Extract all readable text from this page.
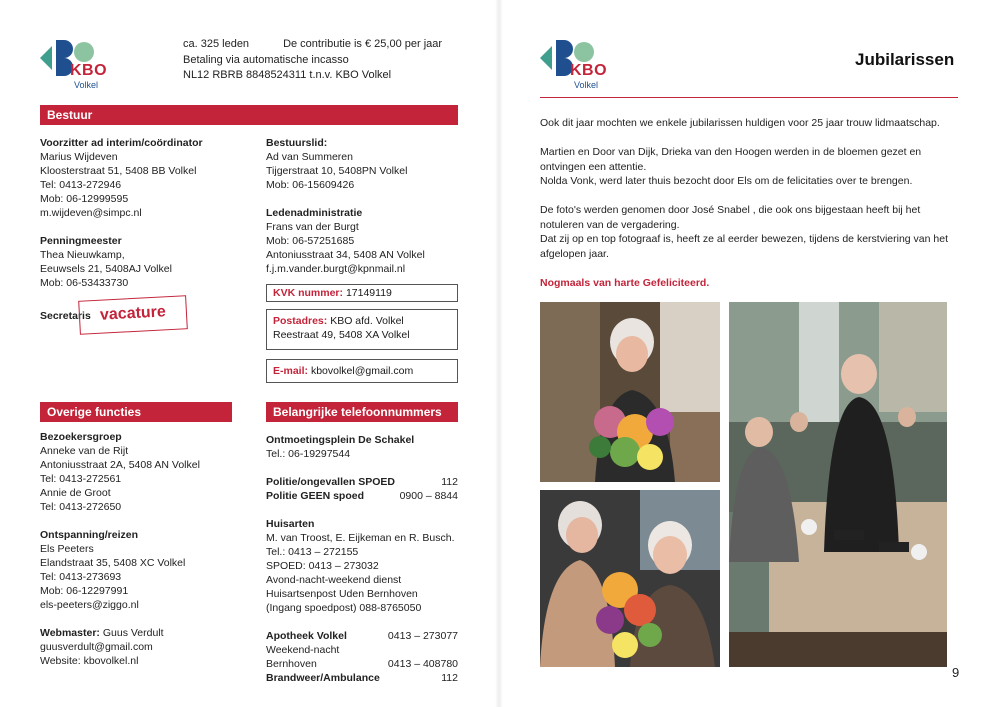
KBO
Volkel
ca. 325 leden	De contributie is € 25,00 per jaar
Betaling via automatische incasso
NL12 RBRB 8848524311 t.n.v. KBO Volkel
Bestuur
Voorzitter ad interim/coördinator
Marius Wijdeven
Kloosterstraat 51, 5408 BB Volkel
Tel: 0413-272946
Mob: 06-12999595
m.wijdeven@simpc.nl
Penningmeester
Thea Nieuwkamp,
Eeuwsels 21, 5408AJ Volkel
Mob: 06-53433730
Secretaris vacature
Bestuurslid:
Ad van Summeren
Tijgerstraat 10, 5408PN Volkel
Mob: 06-15609426
Ledenadministratie
Frans van der Burgt
Mob: 06-57251685
Antoniusstraat 34, 5408 AN Volkel
f.j.m.vander.burgt@kpnmail.nl
KVK nummer: 17149119
Postadres: KBO afd. Volkel
Reestraat 49, 5408 XA Volkel
E-mail: kbovolkel@gmail.com
Overige functies
Bezoekersgroep
Anneke van de Rijt
Antoniusstraat 2A, 5408 AN Volkel
Tel: 0413-272561
Annie de Groot
Tel: 0413-272650
Ontspanning/reizen
Els Peeters
Elandstraat 35, 5408 XC Volkel
Tel: 0413-273693
Mob: 06-12297991
els-peeters@ziggo.nl
Webmaster: Guus Verdult
guusverdult@gmail.com
Website: kbovolkel.nl
Belangrijke telefoonnummers
Ontmoetingsplein De Schakel
Tel.: 06-19297544
Politie/ongevallen SPOED	112
Politie GEEN spoed	0900 – 8844
Huisarten
M. van Troost, E. Eijkeman en R. Busch.
Tel.: 0413 – 272155
SPOED: 0413 – 273032
Avond-nacht-weekend dienst
Huisartsenpost Uden Bernhoven
(Ingang spoedpost) 088-8765050
Apotheek Volkel	0413 – 273077
Weekend-nacht
Bernhoven	0413 – 408780
Brandweer/Ambulance	112
KBO
Volkel
Jubilarissen

Ook dit jaar mochten we enkele jubilarissen huldigen voor 25 jaar trouw lidmaatschap.

Martien en Door van Dijk, Drieka van den Hoogen werden in de bloemen gezet en ontvingen een attentie.
Nolda Vonk, werd later thuis bezocht door Els om de felicitaties over te brengen.

De foto's werden genomen door José Snabel , die ook ons bijgestaan heeft bij het notuleren van de vergadering.
Dat zij op en top fotograaf is, heeft ze al eerder bewezen, tijdens de kerstviering van het afgelopen jaar.

Nogmaals van harte Gefeliciteerd.

9
